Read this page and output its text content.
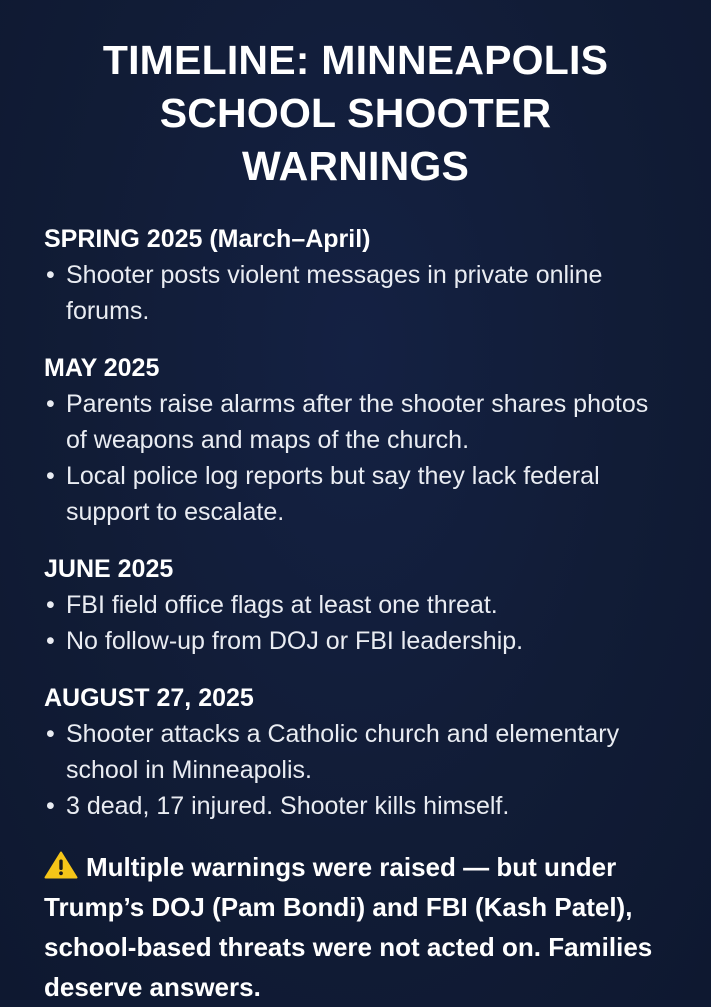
TIMELINE: MINNEAPOLIS
SCHOOL SHOOTER
WARNINGS
SPRING 2025 (March–April)
• Shooter posts violent messages in private online forums.
MAY 2025
• Parents raise alarms after the shooter shares photos of weapons and maps of the church.
• Local police log reports but say they lack federal support to escalate.
JUNE 2025
• FBI field office flags at least one threat.
• No follow-up from DOJ or FBI leadership.
AUGUST 27, 2025
• Shooter attacks a Catholic church and elementary school in Minneapolis.
• 3 dead, 17 injured. Shooter kills himself.
Multiple warnings were raised — but under Trump’s DOJ (Pam Bondi) and FBI (Kash Patel), school-based threats were not acted on. Families deserve answers.
